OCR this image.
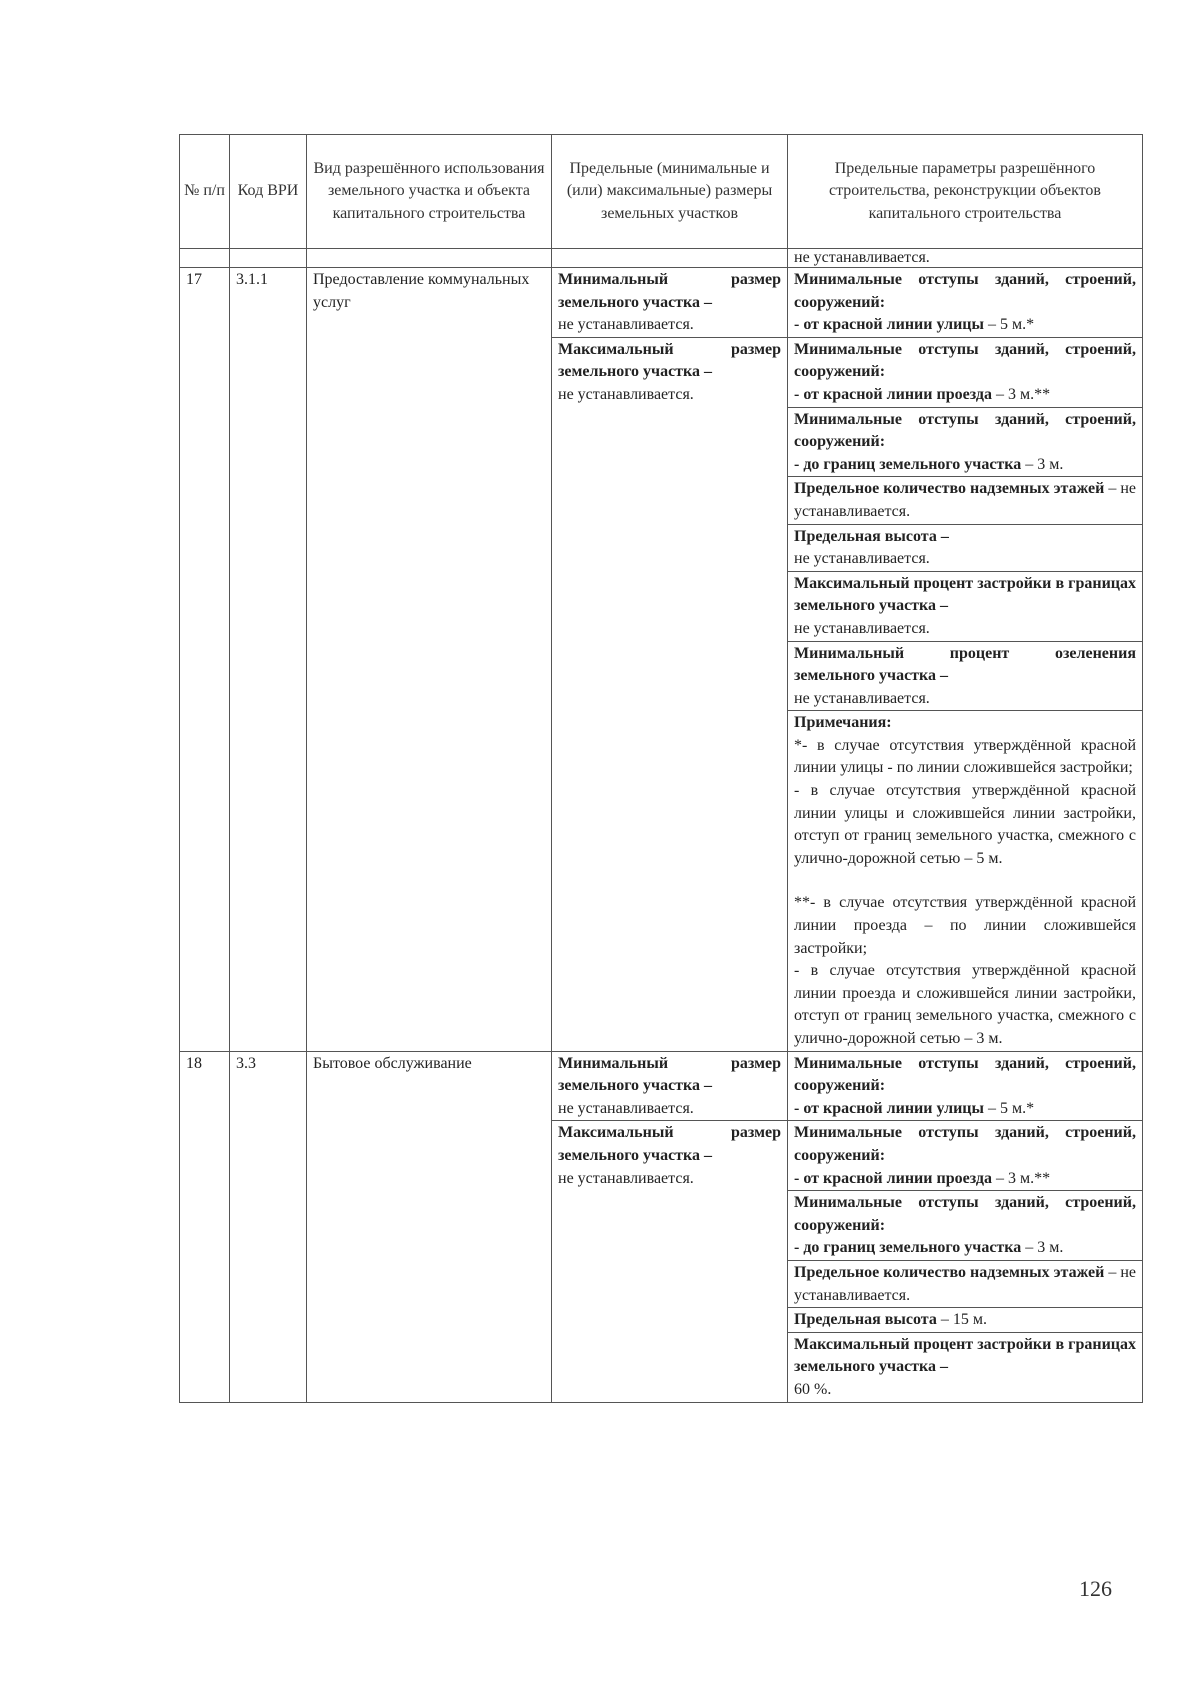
№ п/п	Код ВРИ	Вид разрешённого использования земельного участка и объекта капитального строительства	Предельные (минимальные и (или) максимальные) размеры земельных участков	Предельные параметры разрешённого строительства, реконструкции объектов капитального строительства
				не устанавливается.
17	3.1.1	Предоставление коммунальных услуг	Минимальный размер земельного участка –
не устанавливается.	Минимальные отступы зданий, строений, сооружений:
- от красной линии улицы – 5 м.*
			Максимальный размер земельного участка –
не устанавливается.	Минимальные отступы зданий, строений, сооружений:
- от красной линии проезда – 3 м.**
				Минимальные отступы зданий, строений, сооружений:
- до границ земельного участка – 3 м.
				Предельное количество надземных этажей – не устанавливается.
				Предельная высота –
не устанавливается.
				Максимальный процент застройки в границах земельного участка –
не устанавливается.
				Минимальный процент озеленения земельного участка –
не устанавливается.
				Примечания:
*- в случае отсутствия утверждённой красной линии улицы - по линии сложившейся застройки;
- в случае отсутствия утверждённой красной линии улицы и сложившейся линии застройки, отступ от границ земельного участка, смежного с улично-дорожной сетью – 5 м.
**- в случае отсутствия утверждённой красной линии проезда – по линии сложившейся застройки;
- в случае отсутствия утверждённой красной линии проезда и сложившейся линии застройки, отступ от границ земельного участка, смежного с улично-дорожной сетью – 3 м.
18	3.3	Бытовое обслуживание	Минимальный размер земельного участка –
не устанавливается.	Минимальные отступы зданий, строений, сооружений:
- от красной линии улицы – 5 м.*
			Максимальный размер земельного участка –
не устанавливается.	Минимальные отступы зданий, строений, сооружений:
- от красной линии проезда – 3 м.**
				Минимальные отступы зданий, строений, сооружений:
- до границ земельного участка – 3 м.
				Предельное количество надземных этажей – не устанавливается.
				Предельная высота – 15 м.
				Максимальный процент застройки в границах земельного участка –
60 %.
126
